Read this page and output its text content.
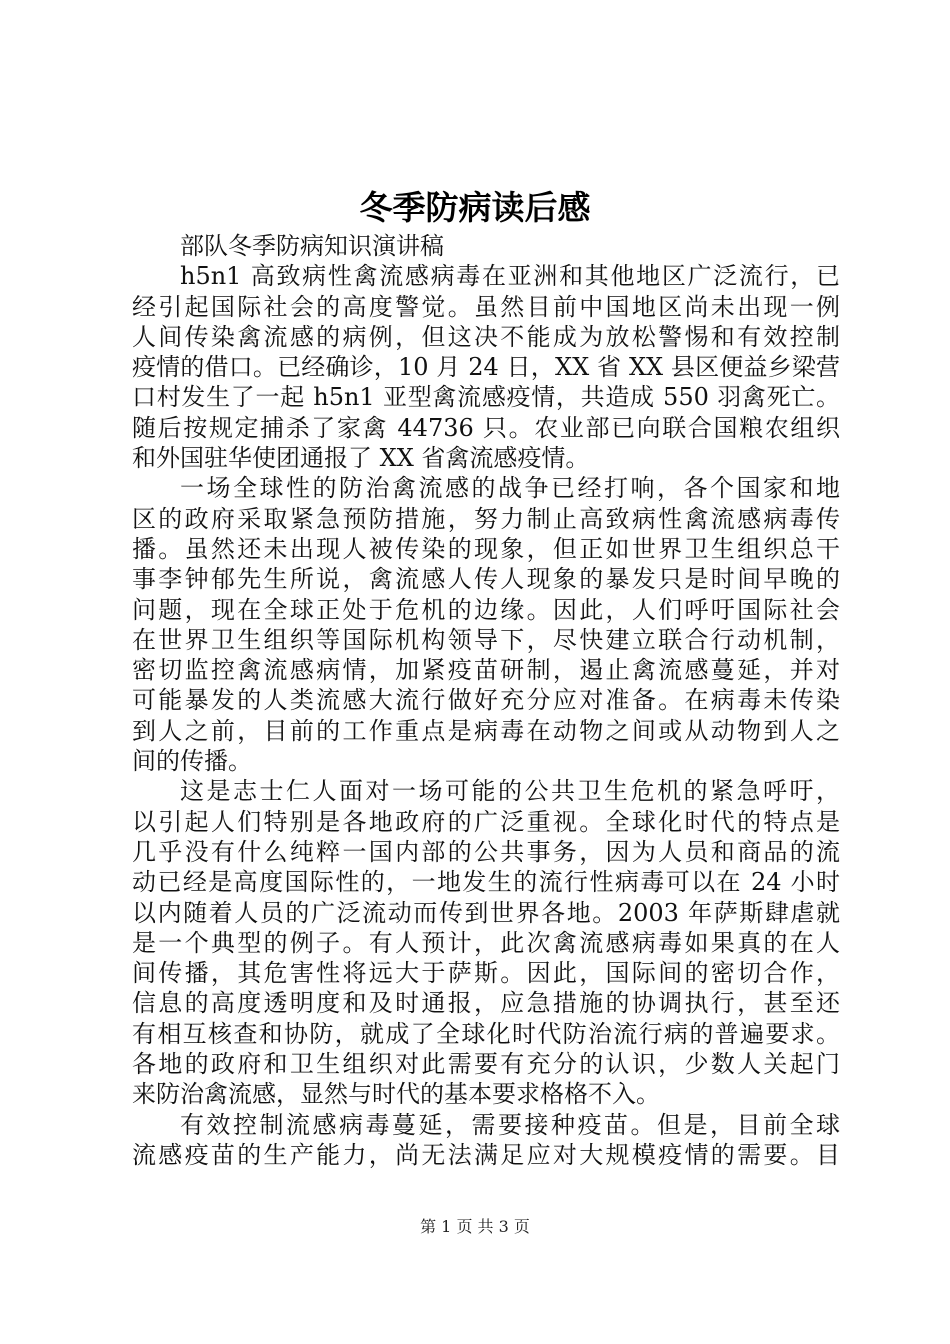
冬季防病读后感
部队冬季防病知识演讲稿
h5n1 高致病性禽流感病毒在亚洲和其他地区广泛流行，已
经引起国际社会的高度警觉。虽然目前中国地区尚未出现一例
人间传染禽流感的病例，但这决不能成为放松警惕和有效控制
疫情的借口。已经确诊，10 月 24 日，XX 省 XX 县区便益乡梁营
口村发生了一起 h5n1 亚型禽流感疫情，共造成 550 羽禽死亡。
随后按规定捕杀了家禽 44736 只。农业部已向联合国粮农组织
和外国驻华使团通报了 XX 省禽流感疫情。
一场全球性的防治禽流感的战争已经打响，各个国家和地
区的政府采取紧急预防措施，努力制止高致病性禽流感病毒传
播。虽然还未出现人被传染的现象，但正如世界卫生组织总干
事李钟郁先生所说，禽流感人传人现象的暴发只是时间早晚的
问题，现在全球正处于危机的边缘。因此，人们呼吁国际社会
在世界卫生组织等国际机构领导下，尽快建立联合行动机制，
密切监控禽流感病情，加紧疫苗研制，遏止禽流感蔓延，并对
可能暴发的人类流感大流行做好充分应对准备。在病毒未传染
到人之前，目前的工作重点是病毒在动物之间或从动物到人之
间的传播。
这是志士仁人面对一场可能的公共卫生危机的紧急呼吁，
以引起人们特别是各地政府的广泛重视。全球化时代的特点是
几乎没有什么纯粹一国内部的公共事务，因为人员和商品的流
动已经是高度国际性的，一地发生的流行性病毒可以在 24 小时
以内随着人员的广泛流动而传到世界各地。2003 年萨斯肆虐就
是一个典型的例子。有人预计，此次禽流感病毒如果真的在人
间传播，其危害性将远大于萨斯。因此，国际间的密切合作，
信息的高度透明度和及时通报，应急措施的协调执行，甚至还
有相互核查和协防，就成了全球化时代防治流行病的普遍要求。
各地的政府和卫生组织对此需要有充分的认识，少数人关起门
来防治禽流感，显然与时代的基本要求格格不入。
有效控制流感病毒蔓延，需要接种疫苗。但是，目前全球
流感疫苗的生产能力，尚无法满足应对大规模疫情的需要。目
第 1 页 共 3 页
